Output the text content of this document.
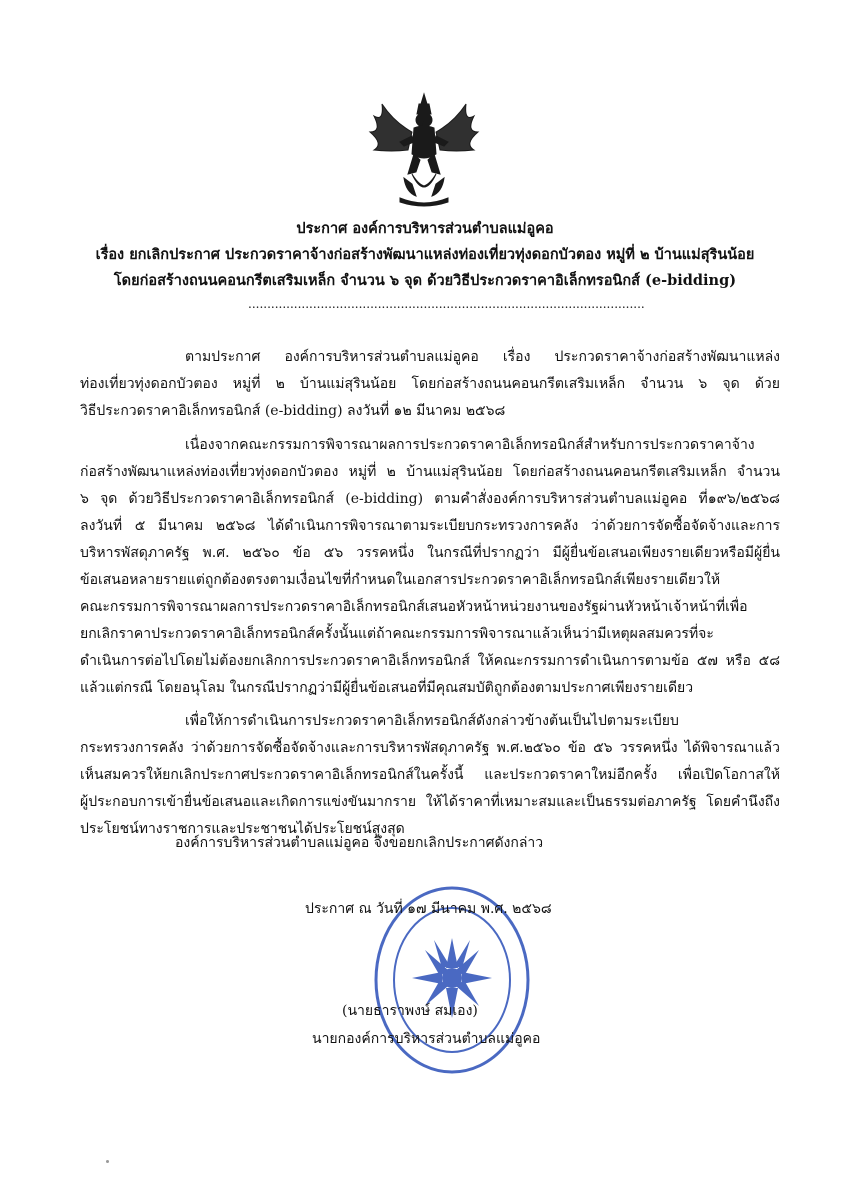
ประกาศ องค์การบริหารส่วนตำบลแม่อูคอ
เรื่อง ยกเลิกประกาศ ประกวดราคาจ้างก่อสร้างพัฒนาแหล่งท่องเที่ยวทุ่งดอกบัวตอง หมู่ที่ ๒ บ้านแม่สุรินน้อย
โดยก่อสร้างถนนคอนกรีตเสริมเหล็ก จำนวน ๖ จุด ด้วยวิธีประกวดราคาอิเล็กทรอนิกส์ (e-bidding)
........................................................................................................
ตามประกาศ องค์การบริหารส่วนตำบลแม่อูคอ เรื่อง ประกวดราคาจ้างก่อสร้างพัฒนาแหล่ง
ท่องเที่ยวทุ่งดอกบัวตอง หมู่ที่ ๒ บ้านแม่สุรินน้อย โดยก่อสร้างถนนคอนกรีตเสริมเหล็ก จำนวน ๖ จุด ด้วย
วิธีประกวดราคาอิเล็กทรอนิกส์ (e-bidding) ลงวันที่ ๑๒ มีนาคม ๒๕๖๘
เนื่องจากคณะกรรมการพิจารณาผลการประกวดราคาอิเล็กทรอนิกส์สำหรับการประกวดราคาจ้าง
ก่อสร้างพัฒนาแหล่งท่องเที่ยวทุ่งดอกบัวตอง หมู่ที่ ๒ บ้านแม่สุรินน้อย โดยก่อสร้างถนนคอนกรีตเสริมเหล็ก จำนวน
๖ จุด ด้วยวิธีประกวดราคาอิเล็กทรอนิกส์ (e-bidding) ตามคำสั่งองค์การบริหารส่วนตำบลแม่อูคอ ที่๑๙๖/๒๕๖๘
ลงวันที่ ๕ มีนาคม ๒๕๖๘ ได้ดำเนินการพิจารณาตามระเบียบกระทรวงการคลัง ว่าด้วยการจัดซื้อจัดจ้างและการ
บริหารพัสดุภาครัฐ พ.ศ. ๒๕๖๐ ข้อ ๕๖ วรรคหนึ่ง ในกรณีที่ปรากฏว่า มีผู้ยื่นข้อเสนอเพียงรายเดียวหรือมีผู้ยื่น
ข้อเสนอหลายรายแต่ถูกต้องตรงตามเงื่อนไขที่กำหนดในเอกสารประกวดราคาอิเล็กทรอนิกส์เพียงรายเดียวให้
คณะกรรมการพิจารณาผลการประกวดราคาอิเล็กทรอนิกส์เสนอหัวหน้าหน่วยงานของรัฐผ่านหัวหน้าเจ้าหน้าที่เพื่อ
ยกเลิกราคาประกวดราคาอิเล็กทรอนิกส์ครั้งนั้นแต่ถ้าคณะกรรมการพิจารณาแล้วเห็นว่ามีเหตุผลสมควรที่จะ
ดำเนินการต่อไปโดยไม่ต้องยกเลิกการประกวดราคาอิเล็กทรอนิกส์ ให้คณะกรรมการดำเนินการตามข้อ ๕๗ หรือ ๕๘
แล้วแต่กรณี โดยอนุโลม ในกรณีปรากฏว่ามีผู้ยื่นข้อเสนอที่มีคุณสมบัติถูกต้องตามประกาศเพียงรายเดียว
เพื่อให้การดำเนินการประกวดราคาอิเล็กทรอนิกส์ดังกล่าวข้างต้นเป็นไปตามระเบียบ
กระทรวงการคลัง ว่าด้วยการจัดซื้อจัดจ้างและการบริหารพัสดุภาครัฐ พ.ศ.๒๕๖๐ ข้อ ๕๖ วรรคหนึ่ง ได้พิจารณาแล้ว
เห็นสมควรให้ยกเลิกประกาศประกวดราคาอิเล็กทรอนิกส์ในครั้งนี้ และประกวดราคาใหม่อีกครั้ง เพื่อเปิดโอกาสให้
ผู้ประกอบการเข้ายื่นข้อเสนอและเกิดการแข่งขันมากราย ให้ได้ราคาที่เหมาะสมและเป็นธรรมต่อภาครัฐ โดยคำนึงถึง
ประโยชน์ทางราชการและประชาชนได้ประโยชน์สูงสุด
องค์การบริหารส่วนตำบลแม่อูคอ จึงขอยกเลิกประกาศดังกล่าว
ประกาศ ณ วันที่ ๑๗ มีนาคม พ.ศ. ๒๕๖๘
(นายธาราพงษ์ สมเอง)
นายกองค์การบริหารส่วนตำบลแม่อูคอ
